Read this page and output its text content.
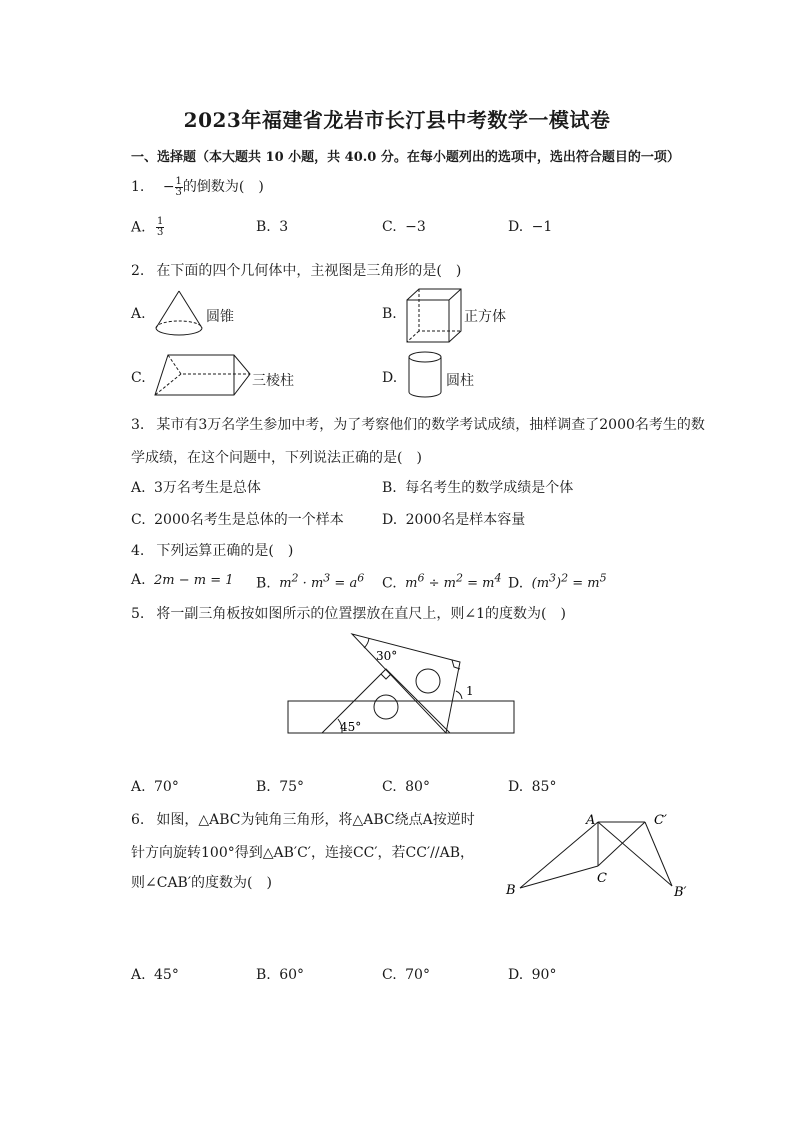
2023年福建省龙岩市长汀县中考数学一模试卷
一、选择题（本大题共 10 小题，共 40.0 分。在每小题列出的选项中，选出符合题目的一项）
1. − $\frac{1}{3}$ 的倒数为(　)
A. $\frac{1}{3}$	B. 3	C. −3	D. −1
2. 在下面的四个几何体中，主视图是三角形的是(　)
A.	圆锥	B.	正方体
C.	三棱柱	D.	圆柱
3. 某市有3万名学生参加中考，为了考察他们的数学考试成绩，抽样调查了2000名考生的数
学成绩，在这个问题中，下列说法正确的是(　)
A. 3万名考生是总体	B. 每名考生的数学成绩是个体
C. 2000名考生是总体的一个样本	D. 2000名是样本容量
4. 下列运算正确的是(　)
A. 2m − m = 1 B. $m^2 \cdot m^3 = a^6$ C. $m^6 \div m^2 = m^4$ D. $(m^3)^2 = m^5$
5. 将一副三角板按如图所示的位置摆放在直尺上，则∠1的度数为(　)
30°
45°
1
A. 70°	B. 75°	C. 80°	D. 85°
6. 如图，△ABC为钝角三角形，将△ABC绕点A按逆时
针方向旋转100°得到△AB′C′，连接CC′，若CC′//AB，
则∠CAB′的度数为(　)
A
B
C
C′
B′
A. 45°	B. 60°	C. 70°	D. 90°
